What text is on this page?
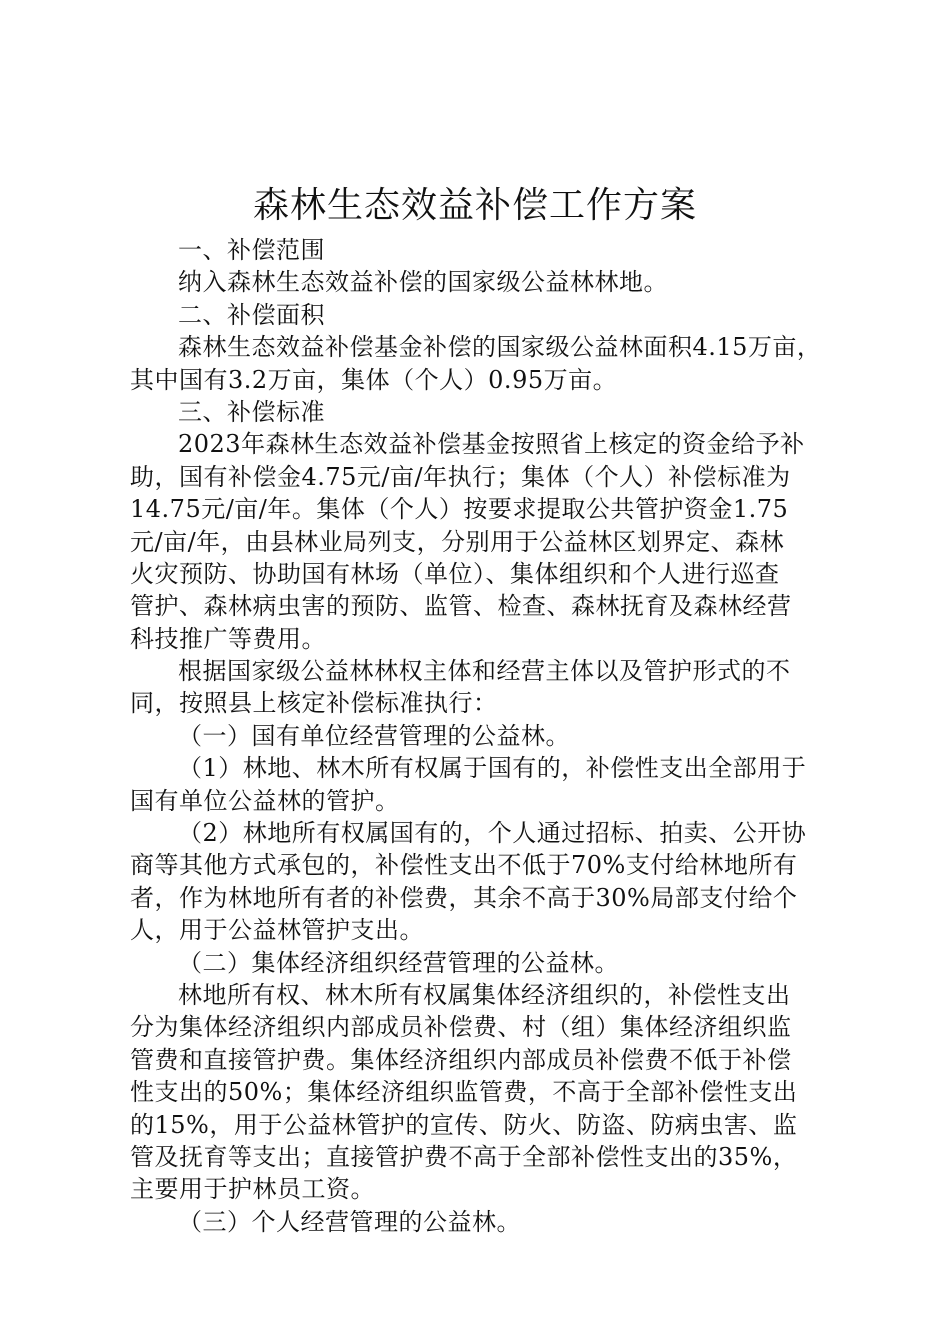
森林生态效益补偿工作方案
一、补偿范围
纳入森林生态效益补偿的国家级公益林林地。
二、补偿面积
森林生态效益补偿基金补偿的国家级公益林面积4.15万亩，
其中国有3.2万亩，集体（个人）0.95万亩。
三、补偿标准
2023年森林生态效益补偿基金按照省上核定的资金给予补
助，国有补偿金4.75元/亩/年执行；集体（个人）补偿标准为
14.75元/亩/年。集体（个人）按要求提取公共管护资金1.75
元/亩/年，由县林业局列支，分别用于公益林区划界定、森林
火灾预防、协助国有林场（单位）、集体组织和个人进行巡查
管护、森林病虫害的预防、监管、检查、森林抚育及森林经营
科技推广等费用。
根据国家级公益林林权主体和经营主体以及管护形式的不
同，按照县上核定补偿标准执行：
（一）国有单位经营管理的公益林。
（1）林地、林木所有权属于国有的，补偿性支出全部用于
国有单位公益林的管护。
（2）林地所有权属国有的，个人通过招标、拍卖、公开协
商等其他方式承包的，补偿性支出不低于70%支付给林地所有
者，作为林地所有者的补偿费，其余不高于30%局部支付给个
人，用于公益林管护支出。
（二）集体经济组织经营管理的公益林。
林地所有权、林木所有权属集体经济组织的，补偿性支出
分为集体经济组织内部成员补偿费、村（组）集体经济组织监
管费和直接管护费。集体经济组织内部成员补偿费不低于补偿
性支出的50%；集体经济组织监管费，不高于全部补偿性支出
的15%，用于公益林管护的宣传、防火、防盗、防病虫害、监
管及抚育等支出；直接管护费不高于全部补偿性支出的35%，
主要用于护林员工资。
（三）个人经营管理的公益林。
